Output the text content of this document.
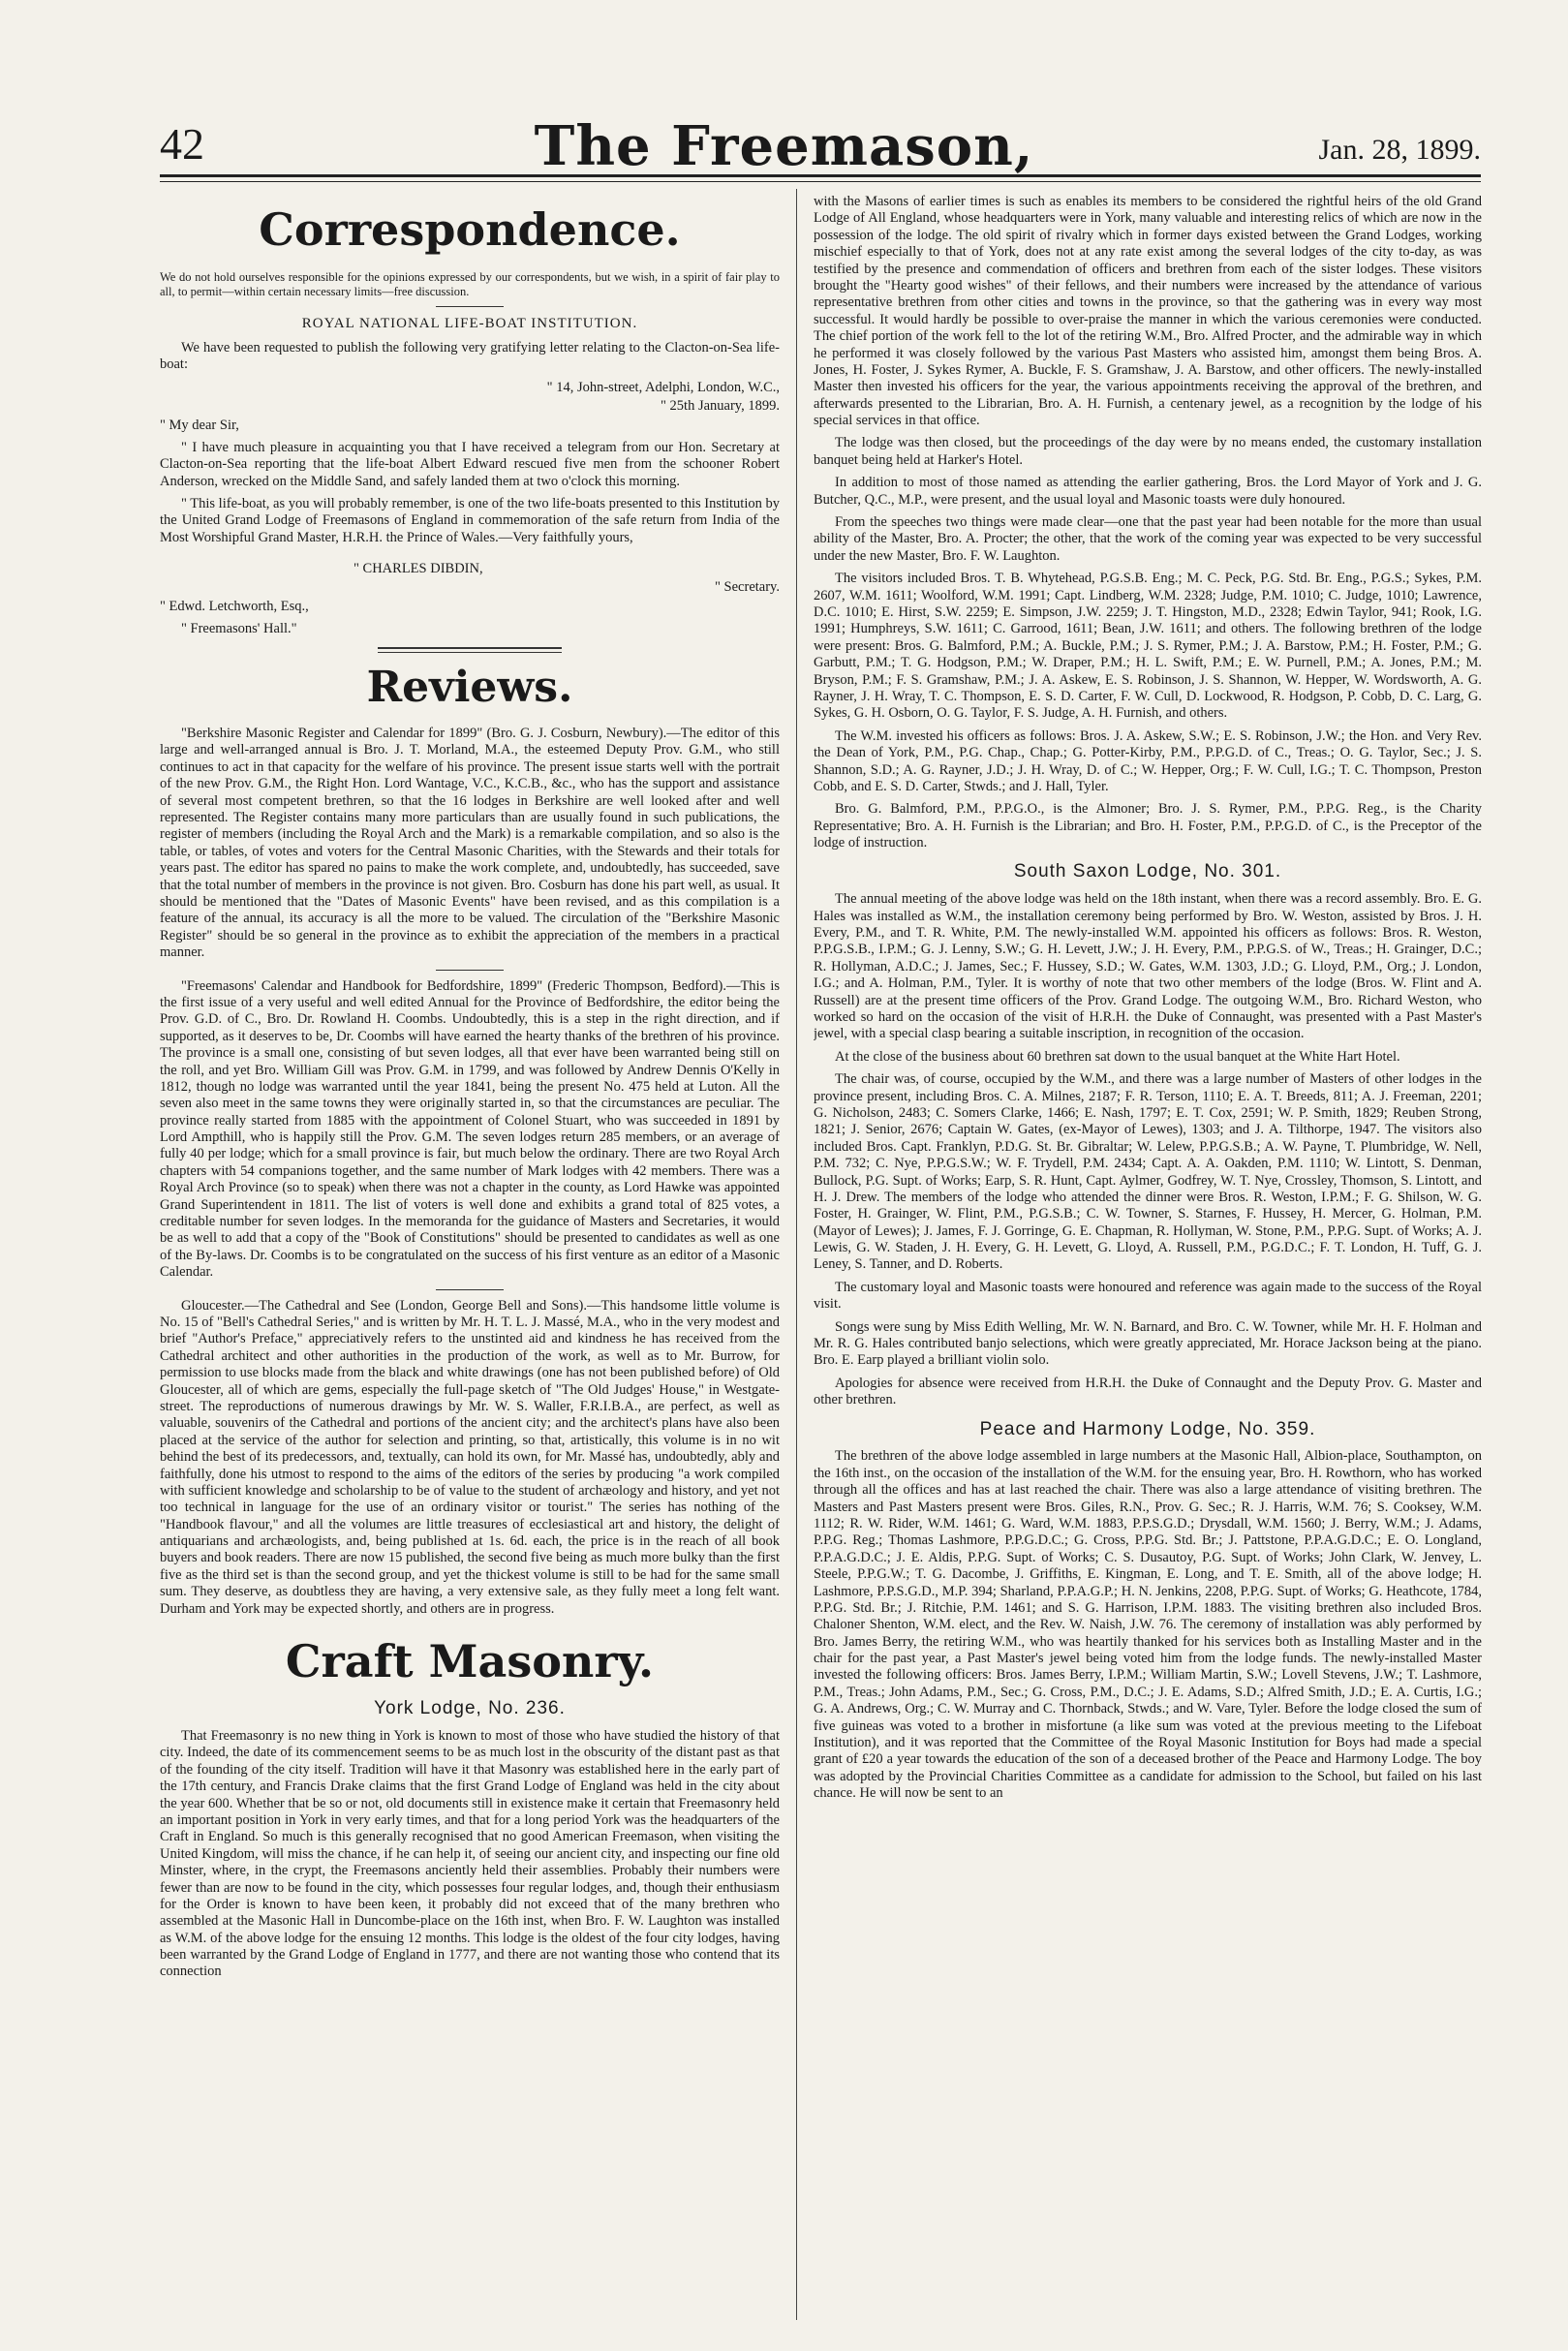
42	The Freemason,	Jan. 28, 1899.
Correspondence.

We do not hold ourselves responsible for the opinions expressed by our correspondents, but we wish, in a spirit of fair play to all, to permit—within certain necessary limits—free discussion.

ROYAL NATIONAL LIFE-BOAT INSTITUTION.

We have been requested to publish the following very gratifying letter relating to the Clacton-on-Sea life-boat:

" 14, John-street, Adelphi, London, W.C.,

" 25th January, 1899.

" My dear Sir,

" I have much pleasure in acquainting you that I have received a telegram from our Hon. Secretary at Clacton-on-Sea reporting that the life-boat Albert Edward rescued five men from the schooner Robert Anderson, wrecked on the Middle Sand, and safely landed them at two o'clock this morning.

" This life-boat, as you will probably remember, is one of the two life-boats presented to this Institution by the United Grand Lodge of Freemasons of England in commemoration of the safe return from India of the Most Worshipful Grand Master, H.R.H. the Prince of Wales.—Very faithfully yours,

" CHARLES DIBDIN,

" Secretary.

" Edwd. Letchworth, Esq.,

" Freemasons' Hall."

Reviews.

"Berkshire Masonic Register and Calendar for 1899" (Bro. G. J. Cosburn, Newbury).—The editor of this large and well-arranged annual is Bro. J. T. Morland, M.A., the esteemed Deputy Prov. G.M., who still continues to act in that capacity for the welfare of his province. The present issue starts well with the portrait of the new Prov. G.M., the Right Hon. Lord Wantage, V.C., K.C.B., &c., who has the support and assistance of several most competent brethren, so that the 16 lodges in Berkshire are well looked after and well represented. The Register contains many more particulars than are usually found in such publications, the register of members (including the Royal Arch and the Mark) is a remarkable compilation, and so also is the table, or tables, of votes and voters for the Central Masonic Charities, with the Stewards and their totals for years past. The editor has spared no pains to make the work complete, and, undoubtedly, has succeeded, save that the total number of members in the province is not given. Bro. Cosburn has done his part well, as usual. It should be mentioned that the "Dates of Masonic Events" have been revised, and as this compilation is a feature of the annual, its accuracy is all the more to be valued. The circulation of the "Berkshire Masonic Register" should be so general in the province as to exhibit the appreciation of the members in a practical manner.

"Freemasons' Calendar and Handbook for Bedfordshire, 1899" (Frederic Thompson, Bedford).—This is the first issue of a very useful and well edited Annual for the Province of Bedfordshire, the editor being the Prov. G.D. of C., Bro. Dr. Rowland H. Coombs. Undoubtedly, this is a step in the right direction, and if supported, as it deserves to be, Dr. Coombs will have earned the hearty thanks of the brethren of his province. The province is a small one, consisting of but seven lodges, all that ever have been warranted being still on the roll, and yet Bro. William Gill was Prov. G.M. in 1799, and was followed by Andrew Dennis O'Kelly in 1812, though no lodge was warranted until the year 1841, being the present No. 475 held at Luton. All the seven also meet in the same towns they were originally started in, so that the circumstances are peculiar. The province really started from 1885 with the appointment of Colonel Stuart, who was succeeded in 1891 by Lord Ampthill, who is happily still the Prov. G.M. The seven lodges return 285 members, or an average of fully 40 per lodge; which for a small province is fair, but much below the ordinary. There are two Royal Arch chapters with 54 companions together, and the same number of Mark lodges with 42 members. There was a Royal Arch Province (so to speak) when there was not a chapter in the county, as Lord Hawke was appointed Grand Superintendent in 1811. The list of voters is well done and exhibits a grand total of 825 votes, a creditable number for seven lodges. In the memoranda for the guidance of Masters and Secretaries, it would be as well to add that a copy of the "Book of Constitutions" should be presented to candidates as well as one of the By-laws. Dr. Coombs is to be congratulated on the success of his first venture as an editor of a Masonic Calendar.

Gloucester.—The Cathedral and See (London, George Bell and Sons).—This handsome little volume is No. 15 of "Bell's Cathedral Series," and is written by Mr. H. T. L. J. Massé, M.A., who in the very modest and brief "Author's Preface," appreciatively refers to the unstinted aid and kindness he has received from the Cathedral architect and other authorities in the production of the work, as well as to Mr. Burrow, for permission to use blocks made from the black and white drawings (one has not been published before) of Old Gloucester, all of which are gems, especially the full-page sketch of "The Old Judges' House," in Westgate-street. The reproductions of numerous drawings by Mr. W. S. Waller, F.R.I.B.A., are perfect, as well as valuable, souvenirs of the Cathedral and portions of the ancient city; and the architect's plans have also been placed at the service of the author for selection and printing, so that, artistically, this volume is in no wit behind the best of its predecessors, and, textually, can hold its own, for Mr. Massé has, undoubtedly, ably and faithfully, done his utmost to respond to the aims of the editors of the series by producing "a work compiled with sufficient knowledge and scholarship to be of value to the student of archæology and history, and yet not too technical in language for the use of an ordinary visitor or tourist." The series has nothing of the "Handbook flavour," and all the volumes are little treasures of ecclesiastical art and history, the delight of antiquarians and archæologists, and, being published at 1s. 6d. each, the price is in the reach of all book buyers and book readers. There are now 15 published, the second five being as much more bulky than the first five as the third set is than the second group, and yet the thickest volume is still to be had for the same small sum. They deserve, as doubtless they are having, a very extensive sale, as they fully meet a long felt want. Durham and York may be expected shortly, and others are in progress.

Craft Masonry.
York Lodge, No. 236.

That Freemasonry is no new thing in York is known to most of those who have studied the history of that city. Indeed, the date of its commencement seems to be as much lost in the obscurity of the distant past as that of the founding of the city itself. Tradition will have it that Masonry was established here in the early part of the 17th century, and Francis Drake claims that the first Grand Lodge of England was held in the city about the year 600. Whether that be so or not, old documents still in existence make it certain that Freemasonry held an important position in York in very early times, and that for a long period York was the headquarters of the Craft in England. So much is this generally recognised that no good American Freemason, when visiting the United Kingdom, will miss the chance, if he can help it, of seeing our ancient city, and inspecting our fine old Minster, where, in the crypt, the Freemasons anciently held their assemblies. Probably their numbers were fewer than are now to be found in the city, which possesses four regular lodges, and, though their enthusiasm for the Order is known to have been keen, it probably did not exceed that of the many brethren who assembled at the Masonic Hall in Duncombe-place on the 16th inst, when Bro. F. W. Laughton was installed as W.M. of the above lodge for the ensuing 12 months. This lodge is the oldest of the four city lodges, having been warranted by the Grand Lodge of England in 1777, and there are not wanting those who contend that its connection

with the Masons of earlier times is such as enables its members to be considered the rightful heirs of the old Grand Lodge of All England, whose headquarters were in York, many valuable and interesting relics of which are now in the possession of the lodge. The old spirit of rivalry which in former days existed between the Grand Lodges, working mischief especially to that of York, does not at any rate exist among the several lodges of the city to-day, as was testified by the presence and commendation of officers and brethren from each of the sister lodges. These visitors brought the "Hearty good wishes" of their fellows, and their numbers were increased by the attendance of various representative brethren from other cities and towns in the province, so that the gathering was in every way most successful. It would hardly be possible to over-praise the manner in which the various ceremonies were conducted. The chief portion of the work fell to the lot of the retiring W.M., Bro. Alfred Procter, and the admirable way in which he performed it was closely followed by the various Past Masters who assisted him, amongst them being Bros. A. Jones, H. Foster, J. Sykes Rymer, A. Buckle, F. S. Gramshaw, J. A. Barstow, and other officers. The newly-installed Master then invested his officers for the year, the various appointments receiving the approval of the brethren, and afterwards presented to the Librarian, Bro. A. H. Furnish, a centenary jewel, as a recognition by the lodge of his special services in that office.

The lodge was then closed, but the proceedings of the day were by no means ended, the customary installation banquet being held at Harker's Hotel.

In addition to most of those named as attending the earlier gathering, Bros. the Lord Mayor of York and J. G. Butcher, Q.C., M.P., were present, and the usual loyal and Masonic toasts were duly honoured.

From the speeches two things were made clear—one that the past year had been notable for the more than usual ability of the Master, Bro. A. Procter; the other, that the work of the coming year was expected to be very successful under the new Master, Bro. F. W. Laughton.

The visitors included Bros. T. B. Whytehead, P.G.S.B. Eng.; M. C. Peck, P.G. Std. Br. Eng., P.G.S.; Sykes, P.M. 2607, W.M. 1611; Woolford, W.M. 1991; Capt. Lindberg, W.M. 2328; Judge, P.M. 1010; C. Judge, 1010; Lawrence, D.C. 1010; E. Hirst, S.W. 2259; E. Simpson, J.W. 2259; J. T. Hingston, M.D., 2328; Edwin Taylor, 941; Rook, I.G. 1991; Humphreys, S.W. 1611; C. Garrood, 1611; Bean, J.W. 1611; and others. The following brethren of the lodge were present: Bros. G. Balmford, P.M.; A. Buckle, P.M.; J. S. Rymer, P.M.; J. A. Barstow, P.M.; H. Foster, P.M.; G. Garbutt, P.M.; T. G. Hodgson, P.M.; W. Draper, P.M.; H. L. Swift, P.M.; E. W. Purnell, P.M.; A. Jones, P.M.; M. Bryson, P.M.; F. S. Gramshaw, P.M.; J. A. Askew, E. S. Robinson, J. S. Shannon, W. Hepper, W. Wordsworth, A. G. Rayner, J. H. Wray, T. C. Thompson, E. S. D. Carter, F. W. Cull, D. Lockwood, R. Hodgson, P. Cobb, D. C. Larg, G. Sykes, G. H. Osborn, O. G. Taylor, F. S. Judge, A. H. Furnish, and others.

The W.M. invested his officers as follows: Bros. J. A. Askew, S.W.; E. S. Robinson, J.W.; the Hon. and Very Rev. the Dean of York, P.M., P.G. Chap., Chap.; G. Potter-Kirby, P.M., P.P.G.D. of C., Treas.; O. G. Taylor, Sec.; J. S. Shannon, S.D.; A. G. Rayner, J.D.; J. H. Wray, D. of C.; W. Hepper, Org.; F. W. Cull, I.G.; T. C. Thompson, Preston Cobb, and E. S. D. Carter, Stwds.; and J. Hall, Tyler.

Bro. G. Balmford, P.M., P.P.G.O., is the Almoner; Bro. J. S. Rymer, P.M., P.P.G. Reg., is the Charity Representative; Bro. A. H. Furnish is the Librarian; and Bro. H. Foster, P.M., P.P.G.D. of C., is the Preceptor of the lodge of instruction.

South Saxon Lodge, No. 301.

The annual meeting of the above lodge was held on the 18th instant, when there was a record assembly. Bro. E. G. Hales was installed as W.M., the installation ceremony being performed by Bro. W. Weston, assisted by Bros. J. H. Every, P.M., and T. R. White, P.M. The newly-installed W.M. appointed his officers as follows: Bros. R. Weston, P.P.G.S.B., I.P.M.; G. J. Lenny, S.W.; G. H. Levett, J.W.; J. H. Every, P.M., P.P.G.S. of W., Treas.; H. Grainger, D.C.; R. Hollyman, A.D.C.; J. James, Sec.; F. Hussey, S.D.; W. Gates, W.M. 1303, J.D.; G. Lloyd, P.M., Org.; J. London, I.G.; and A. Holman, P.M., Tyler. It is worthy of note that two other members of the lodge (Bros. W. Flint and A. Russell) are at the present time officers of the Prov. Grand Lodge. The outgoing W.M., Bro. Richard Weston, who worked so hard on the occasion of the visit of H.R.H. the Duke of Connaught, was presented with a Past Master's jewel, with a special clasp bearing a suitable inscription, in recognition of the occasion.

At the close of the business about 60 brethren sat down to the usual banquet at the White Hart Hotel.

The chair was, of course, occupied by the W.M., and there was a large number of Masters of other lodges in the province present, including Bros. C. A. Milnes, 2187; F. R. Terson, 1110; E. A. T. Breeds, 811; A. J. Freeman, 2201; G. Nicholson, 2483; C. Somers Clarke, 1466; E. Nash, 1797; E. T. Cox, 2591; W. P. Smith, 1829; Reuben Strong, 1821; J. Senior, 2676; Captain W. Gates, (ex-Mayor of Lewes), 1303; and J. A. Tilthorpe, 1947. The visitors also included Bros. Capt. Franklyn, P.D.G. St. Br. Gibraltar; W. Lelew, P.P.G.S.B.; A. W. Payne, T. Plumbridge, W. Nell, P.M. 732; C. Nye, P.P.G.S.W.; W. F. Trydell, P.M. 2434; Capt. A. A. Oakden, P.M. 1110; W. Lintott, S. Denman, Bullock, P.G. Supt. of Works; Earp, S. R. Hunt, Capt. Aylmer, Godfrey, W. T. Nye, Crossley, Thomson, S. Lintott, and H. J. Drew. The members of the lodge who attended the dinner were Bros. R. Weston, I.P.M.; F. G. Shilson, W. G. Foster, H. Grainger, W. Flint, P.M., P.G.S.B.; C. W. Towner, S. Starnes, F. Hussey, H. Mercer, G. Holman, P.M. (Mayor of Lewes); J. James, F. J. Gorringe, G. E. Chapman, R. Hollyman, W. Stone, P.M., P.P.G. Supt. of Works; A. J. Lewis, G. W. Staden, J. H. Every, G. H. Levett, G. Lloyd, A. Russell, P.M., P.G.D.C.; F. T. London, H. Tuff, G. J. Leney, S. Tanner, and D. Roberts.

The customary loyal and Masonic toasts were honoured and reference was again made to the success of the Royal visit.

Songs were sung by Miss Edith Welling, Mr. W. N. Barnard, and Bro. C. W. Towner, while Mr. H. F. Holman and Mr. R. G. Hales contributed banjo selections, which were greatly appreciated, Mr. Horace Jackson being at the piano. Bro. E. Earp played a brilliant violin solo.

Apologies for absence were received from H.R.H. the Duke of Connaught and the Deputy Prov. G. Master and other brethren.

Peace and Harmony Lodge, No. 359.

The brethren of the above lodge assembled in large numbers at the Masonic Hall, Albion-place, Southampton, on the 16th inst., on the occasion of the installation of the W.M. for the ensuing year, Bro. H. Rowthorn, who has worked through all the offices and has at last reached the chair. There was also a large attendance of visiting brethren. The Masters and Past Masters present were Bros. Giles, R.N., Prov. G. Sec.; R. J. Harris, W.M. 76; S. Cooksey, W.M. 1112; R. W. Rider, W.M. 1461; G. Ward, W.M. 1883, P.P.S.G.D.; Drysdall, W.M. 1560; J. Berry, W.M.; J. Adams, P.P.G. Reg.; Thomas Lashmore, P.P.G.D.C.; G. Cross, P.P.G. Std. Br.; J. Pattstone, P.P.A.G.D.C.; E. O. Longland, P.P.A.G.D.C.; J. E. Aldis, P.P.G. Supt. of Works; C. S. Dusautoy, P.G. Supt. of Works; John Clark, W. Jenvey, L. Steele, P.P.G.W.; T. G. Dacombe, J. Griffiths, E. Kingman, E. Long, and T. E. Smith, all of the above lodge; H. Lashmore, P.P.S.G.D., M.P. 394; Sharland, P.P.A.G.P.; H. N. Jenkins, 2208, P.P.G. Supt. of Works; G. Heathcote, 1784, P.P.G. Std. Br.; J. Ritchie, P.M. 1461; and S. G. Harrison, I.P.M. 1883. The visiting brethren also included Bros. Chaloner Shenton, W.M. elect, and the Rev. W. Naish, J.W. 76. The ceremony of installation was ably performed by Bro. James Berry, the retiring W.M., who was heartily thanked for his services both as Installing Master and in the chair for the past year, a Past Master's jewel being voted him from the lodge funds. The newly-installed Master invested the following officers: Bros. James Berry, I.P.M.; William Martin, S.W.; Lovell Stevens, J.W.; T. Lashmore, P.M., Treas.; John Adams, P.M., Sec.; G. Cross, P.M., D.C.; J. E. Adams, S.D.; Alfred Smith, J.D.; E. A. Curtis, I.G.; G. A. Andrews, Org.; C. W. Murray and C. Thornback, Stwds.; and W. Vare, Tyler. Before the lodge closed the sum of five guineas was voted to a brother in misfortune (a like sum was voted at the previous meeting to the Lifeboat Institution), and it was reported that the Committee of the Royal Masonic Institution for Boys had made a special grant of £20 a year towards the education of the son of a deceased brother of the Peace and Harmony Lodge. The boy was adopted by the Provincial Charities Committee as a candidate for admission to the School, but failed on his last chance. He will now be sent to an
